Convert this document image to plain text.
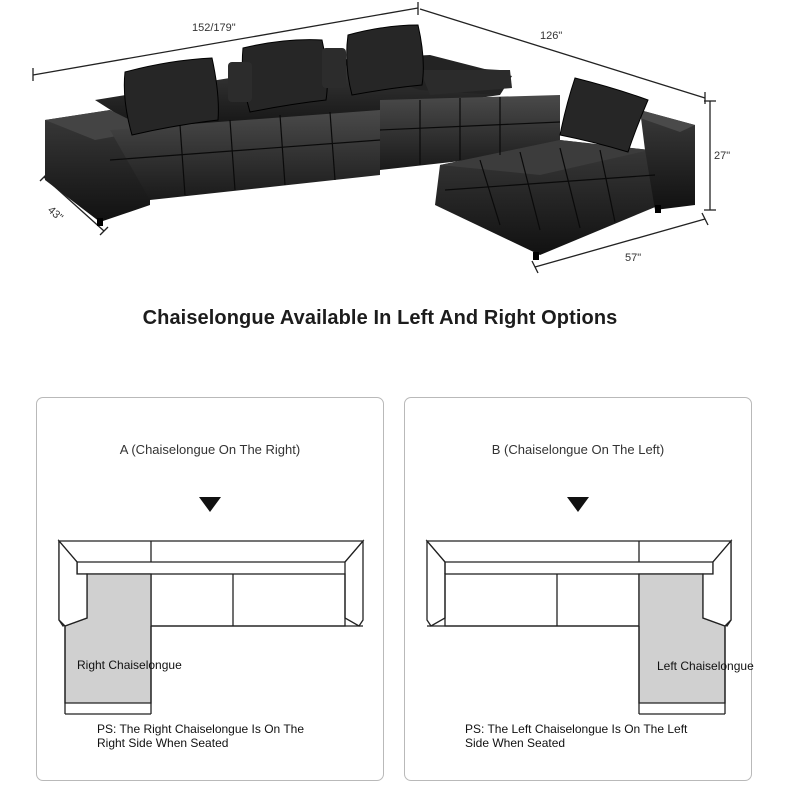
152/179"
126"
27"
43"
57"
Chaiselongue Available In Left And Right Options
A (Chaiselongue On The Right)
Right Chaiselongue
PS: The Right Chaiselongue Is On The
Right Side When Seated
B (Chaiselongue On The Left)
Left Chaiselongue
PS: The Left Chaiselongue Is On The Left
Side When Seated
